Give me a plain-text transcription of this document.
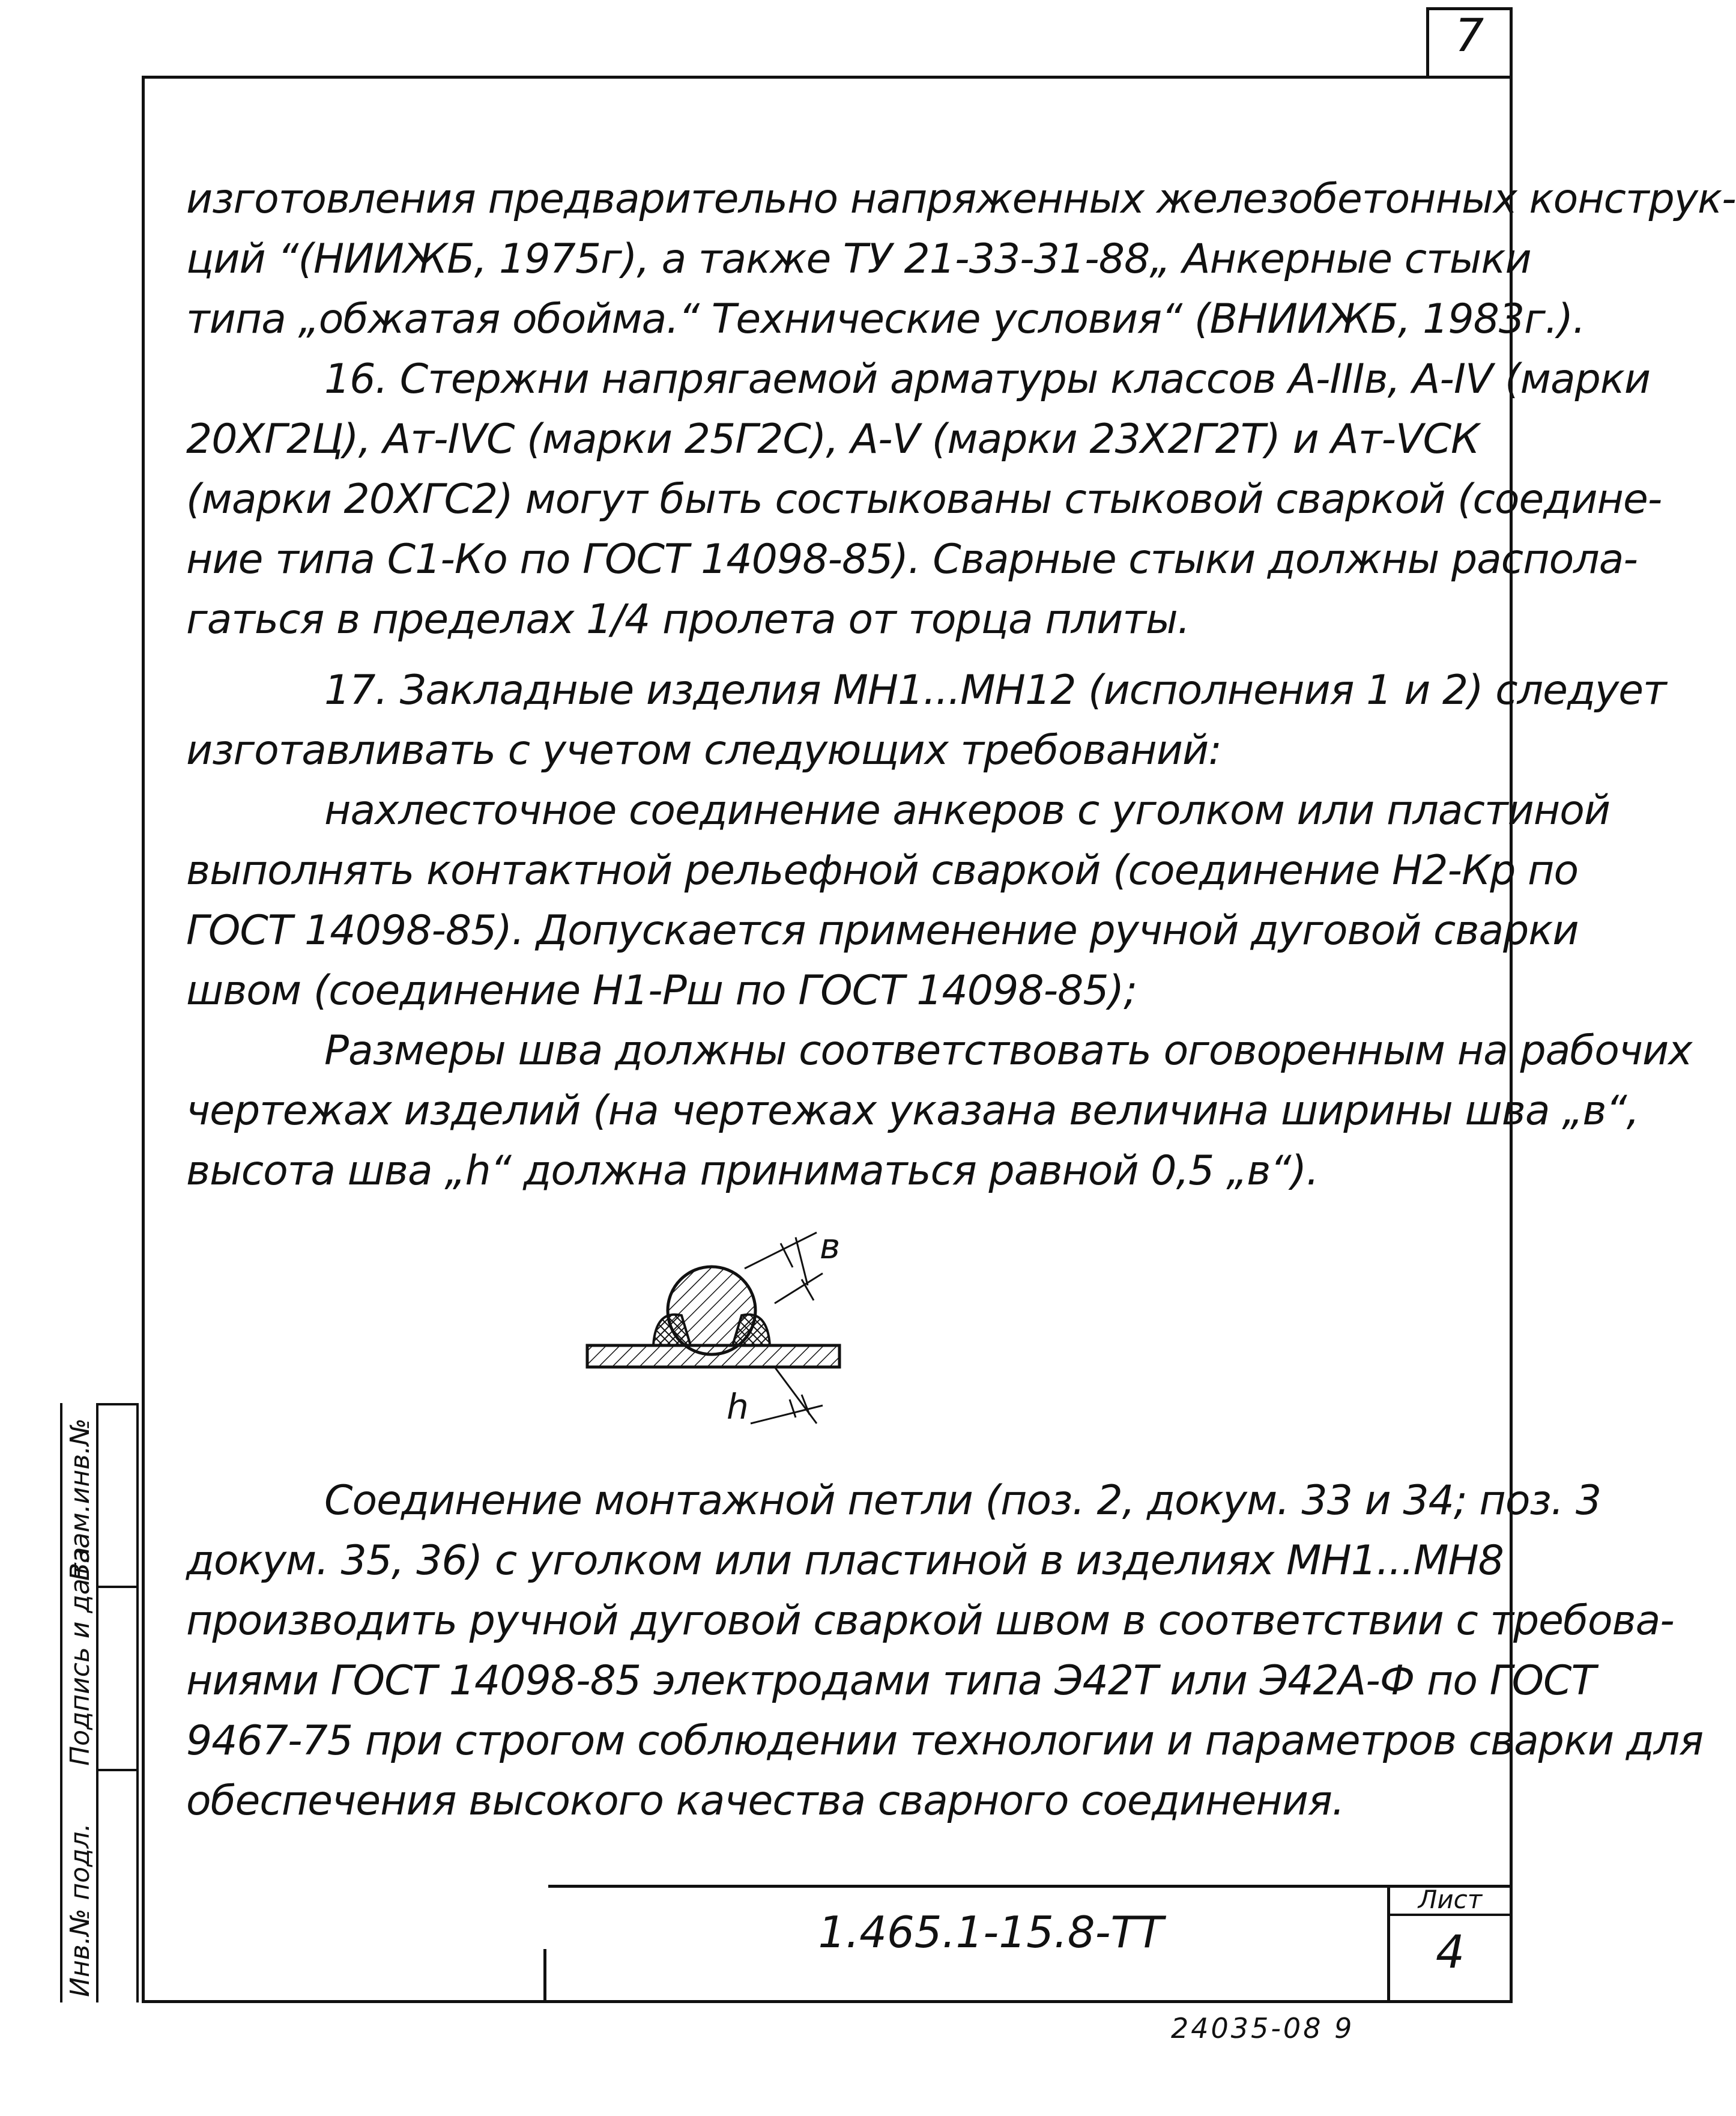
7
изготовления предварительно напряженных железобетонных конструк-
ций “(НИИЖБ, 1975г), а также ТУ 21-33-31-88„ Анкерные стыки
типа „обжатая обойма.“ Технические условия“ (ВНИИЖБ, 1983г.).
16. Стержни напрягаемой арматуры классов А-IIIв, А-IV (марки
20ХГ2Ц), Ат-IVС (марки 25Г2С), А-V (марки 23Х2Г2Т) и Ат-VСК
(марки 20ХГС2) могут быть состыкованы стыковой сваркой (соедине-
ние типа С1-Ко по ГОСТ 14098-85). Сварные стыки должны распола-
гаться в пределах 1/4 пролета от торца плиты.
17. Закладные изделия МН1...МН12 (исполнения 1 и 2) следует
изготавливать с учетом следующих требований:
нахлесточное соединение анкеров с уголком или пластиной
выполнять контактной рельефной сваркой (соединение Н2-Кр по
ГОСТ 14098-85). Допускается применение ручной дуговой сварки
швом (соединение Н1-Рш по ГОСТ 14098-85);
Размеры шва должны соответствовать оговоренным на рабочих
чертежах изделий (на чертежах указана величина ширины шва „в“,
высота шва „h“ должна приниматься равной 0,5 „в“).
в
h
Соединение монтажной петли (поз. 2, докум. 33 и 34; поз. 3
докум. 35, 36) с уголком или пластиной в изделиях МН1...МН8
производить ручной дуговой сваркой швом в соответствии с требова-
ниями ГОСТ 14098-85 электродами типа Э42Т или Э42А-Ф по ГОСТ
9467-75 при строгом соблюдении технологии и параметров сварки для
обеспечения высокого качества сварного соединения.
Взам.инв.№
Подпись и дата
Инв.№ подл.	1.465.1-15.8-ТТ
Лист
4
24035-08 9
